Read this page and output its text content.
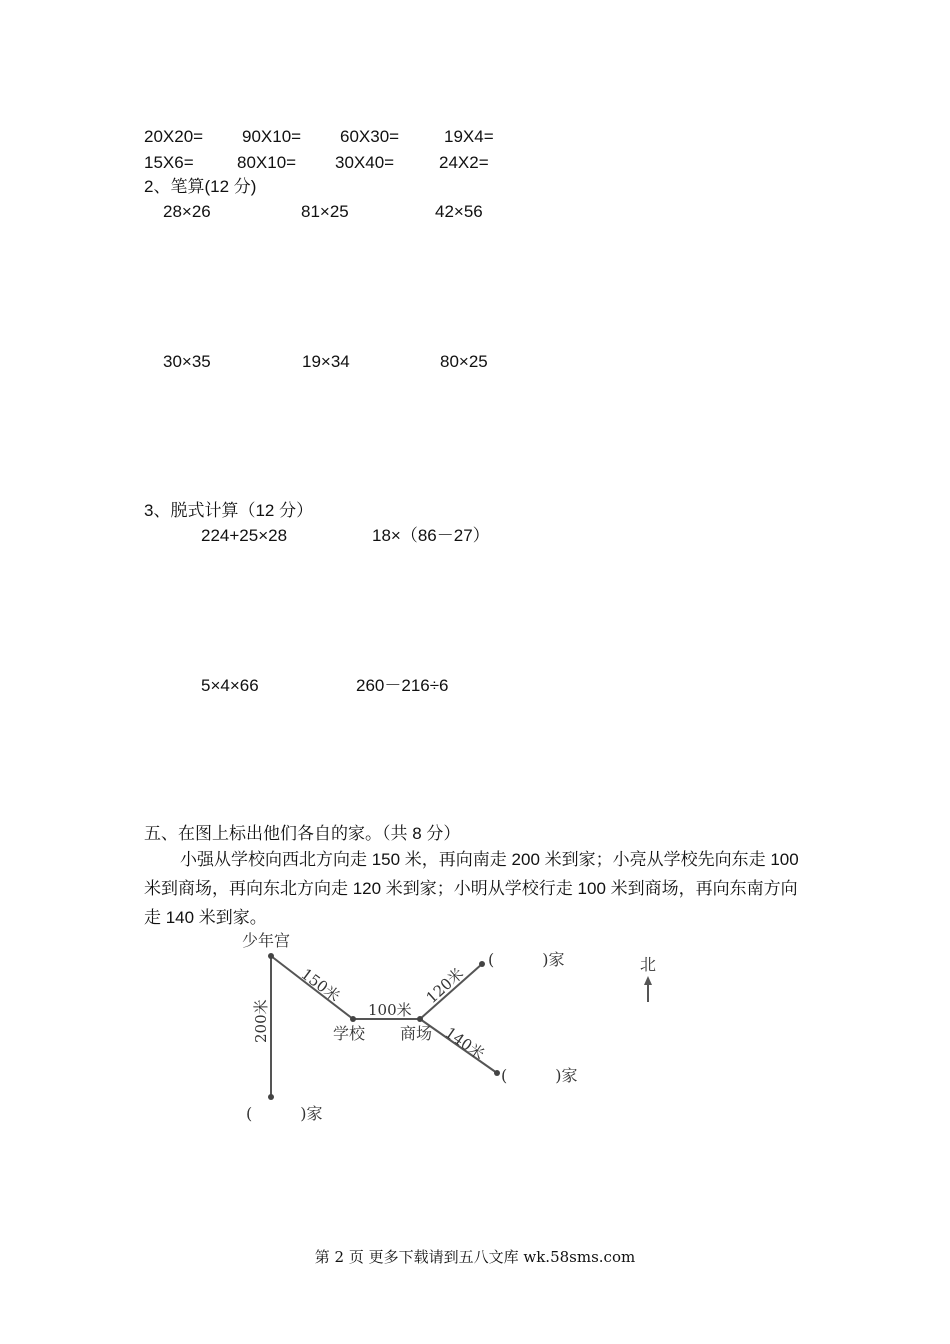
20X20= 90X10= 60X30=	19X4=
15X6=	80X10= 30X40=	24X2=
2、笔算(12 分)
28×26	81×25	42×56
30×35	19×34	80×25
3、脱式计算（12 分）
224+25×28	18×（86－27）
5×4×66	260－216÷6
五、在图上标出他们各自的家。（共 8 分）
小强从学校向西北方向走 150 米，再向南走 200 米到家；小亮从学校先向东走 100 米到商场，再向东北方向走 120 米到家；小明从学校行走 100 米到商场，再向东南方向走 140 米到家。
少年宫
学校 商场
北
100米
150米
200米
120米
140米
(　　　)家
(　　　)家
(　　　)家
第 2 页 更多下载请到五八文库 wk.58sms.com
